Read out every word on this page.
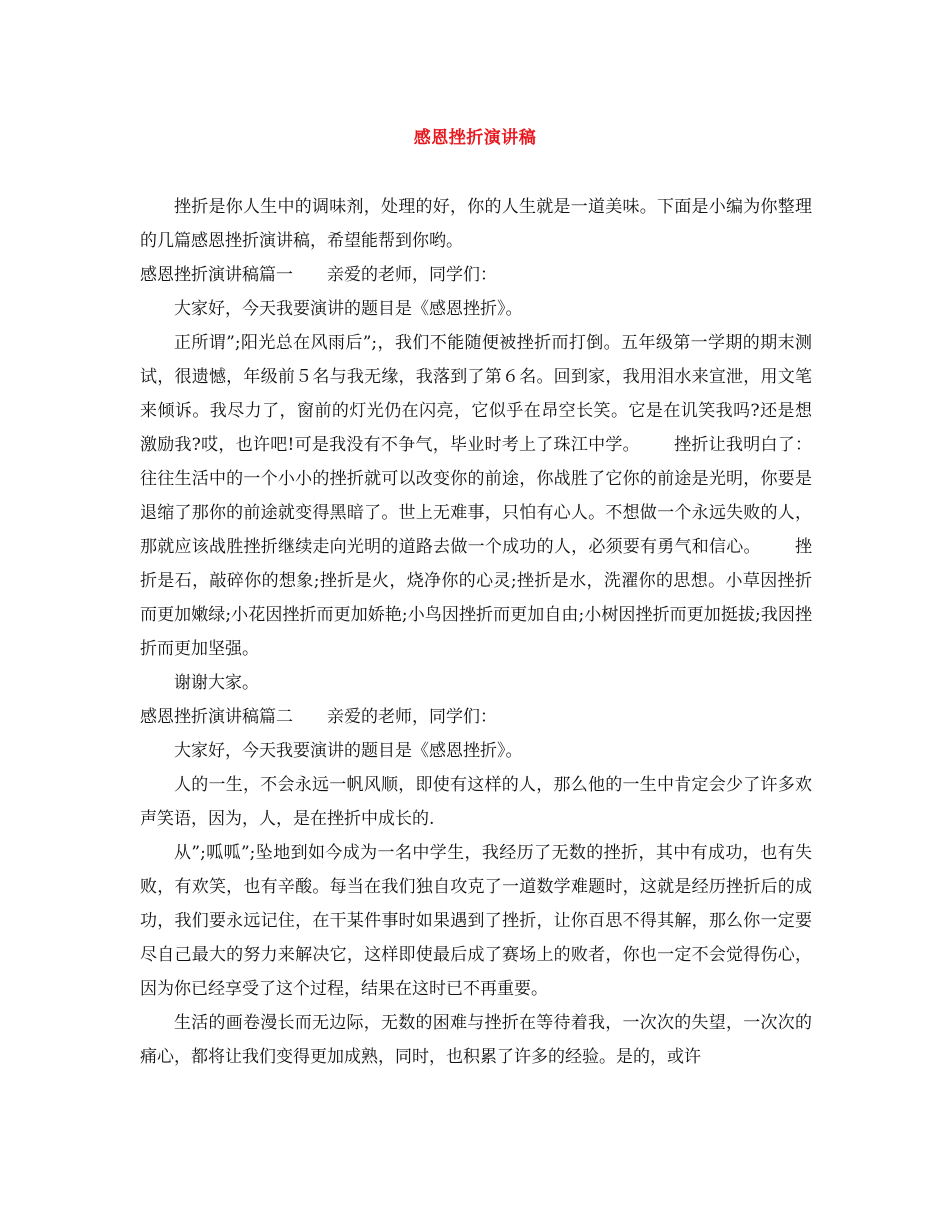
感恩挫折演讲稿

挫折是你人生中的调味剂，处理的好，你的人生就是一道美味。下面是小编为你整理的几篇感恩挫折演讲稿，希望能帮到你哟。

感恩挫折演讲稿篇一 亲爱的老师，同学们：

大家好，今天我要演讲的题目是《感恩挫折》。

正所谓”;阳光总在风雨后”;，我们不能随便被挫折而打倒。五年级第一学期的期末测试，很遗憾，年级前５名与我无缘，我落到了第６名。回到家，我用泪水来宣泄，用文笔来倾诉。我尽力了，窗前的灯光仍在闪亮，它似乎在昂空长笑。它是在讥笑我吗?还是想激励我?哎，也许吧!可是我没有不争气，毕业时考上了珠江中学。 挫折让我明白了：往往生活中的一个小小的挫折就可以改变你的前途，你战胜了它你的前途是光明，你要是退缩了那你的前途就变得黑暗了。世上无难事，只怕有心人。不想做一个永远失败的人，那就应该战胜挫折继续走向光明的道路去做一个成功的人，必须要有勇气和信心。 挫折是石，敲碎你的想象;挫折是火，烧净你的心灵;挫折是水，洗濯你的思想。小草因挫折而更加嫩绿;小花因挫折而更加娇艳;小鸟因挫折而更加自由;小树因挫折而更加挺拔;我因挫折而更加坚强。

谢谢大家。

感恩挫折演讲稿篇二 亲爱的老师，同学们：

大家好，今天我要演讲的题目是《感恩挫折》。

人的一生，不会永远一帆风顺，即使有这样的人，那么他的一生中肯定会少了许多欢声笑语，因为，人，是在挫折中成长的.

从”;呱呱”;坠地到如今成为一名中学生，我经历了无数的挫折，其中有成功，也有失败，有欢笑，也有辛酸。每当在我们独自攻克了一道数学难题时，这就是经历挫折后的成功，我们要永远记住，在干某件事时如果遇到了挫折，让你百思不得其解，那么你一定要尽自己最大的努力来解决它，这样即使最后成了赛场上的败者，你也一定不会觉得伤心，因为你已经享受了这个过程，结果在这时已不再重要。

生活的画卷漫长而无边际，无数的困难与挫折在等待着我，一次次的失望，一次次的痛心，都将让我们变得更加成熟，同时，也积累了许多的经验。是的，或许
